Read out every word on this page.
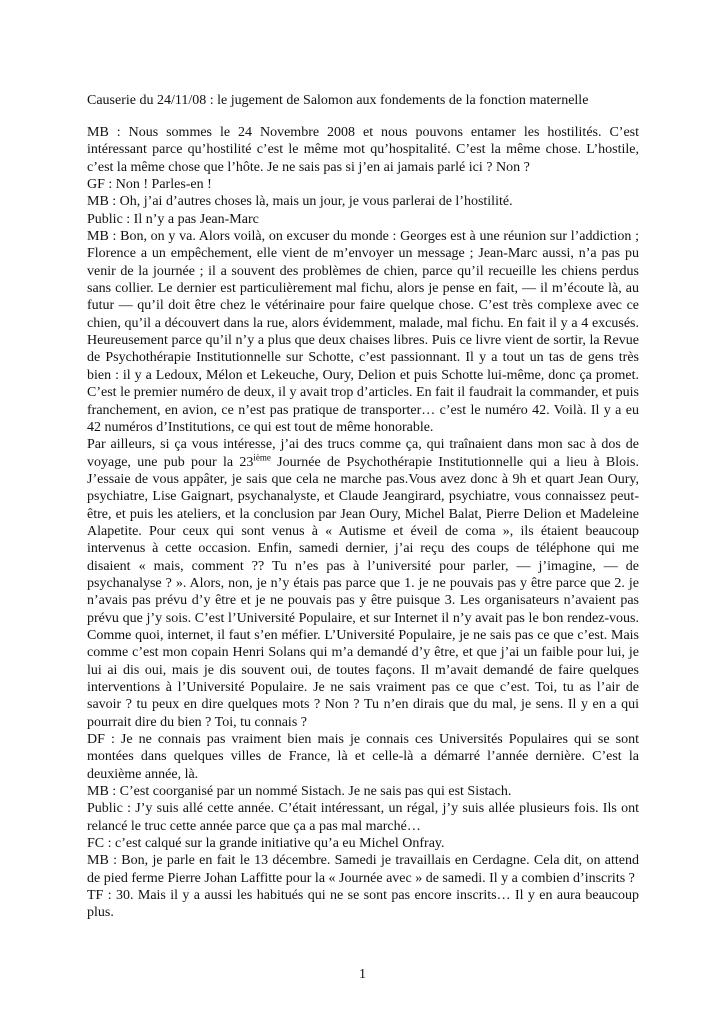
Causerie du 24/11/08 : le jugement de Salomon aux fondements de la fonction maternelle

MB : Nous sommes le 24 Novembre 2008 et nous pouvons entamer les hostilités. C’est intéressant parce qu’hostilité c’est le même mot qu’hospitalité. C’est la même chose. L’hostile, c’est la même chose que l’hôte. Je ne sais pas si j’en ai jamais parlé ici ? Non ?

GF : Non ! Parles-en !

MB : Oh, j’ai d’autres choses là, mais un jour, je vous parlerai de l’hostilité.

Public : Il n’y a pas Jean-Marc

MB : Bon, on y va. Alors voilà, on excuser du monde : Georges est à une réunion sur l’addiction ; Florence a un empêchement, elle vient de m’envoyer un message ; Jean-Marc aussi, n’a pas pu venir de la journée ; il a souvent des problèmes de chien, parce qu’il recueille les chiens perdus sans collier. Le dernier est particulièrement mal fichu, alors je pense en fait, — il m’écoute là, au futur — qu’il doit être chez le vétérinaire pour faire quelque chose. C’est très complexe avec ce chien, qu’il a découvert dans la rue, alors évidemment, malade, mal fichu. En fait il y a 4 excusés. Heureusement parce qu’il n’y a plus que deux chaises libres. Puis ce livre vient de sortir, la Revue de Psychothérapie Institutionnelle sur Schotte, c’est passionnant. Il y a tout un tas de gens très bien : il y a Ledoux, Mélon et Lekeuche, Oury, Delion et puis Schotte lui-même, donc ça promet. C’est le premier numéro de deux, il y avait trop d’articles. En fait il faudrait la commander, et puis franchement, en avion, ce n’est pas pratique de transporter… c’est le numéro 42. Voilà. Il y a eu 42 numéros d’Institutions, ce qui est tout de même honorable.

Par ailleurs, si ça vous intéresse, j’ai des trucs comme ça, qui traînaient dans mon sac à dos de voyage, une pub pour la 23ième Journée de Psychothérapie Institutionnelle qui a lieu à Blois. J’essaie de vous appâter, je sais que cela ne marche pas.Vous avez donc à 9h et quart Jean Oury, psychiatre, Lise Gaignart, psychanalyste, et Claude Jeangirard, psychiatre, vous connaissez peut-être, et puis les ateliers, et la conclusion par Jean Oury, Michel Balat, Pierre Delion et Madeleine Alapetite. Pour ceux qui sont venus à « Autisme et éveil de coma », ils étaient beaucoup intervenus à cette occasion. Enfin, samedi dernier, j’ai reçu des coups de téléphone qui me disaient « mais, comment ?? Tu n’es pas à l’université pour parler, — j’imagine, — de psychanalyse ? ». Alors, non, je n’y étais pas parce que 1. je ne pouvais pas y être parce que 2. je n’avais pas prévu d’y être et je ne pouvais pas y être puisque 3. Les organisateurs n’avaient pas prévu que j’y sois. C’est l’Université Populaire, et sur Internet il n’y avait pas le bon rendez-vous. Comme quoi, internet, il faut s’en méfier. L’Université Populaire, je ne sais pas ce que c’est. Mais comme c’est mon copain Henri Solans qui m’a demandé d’y être, et que j’ai un faible pour lui, je lui ai dis oui, mais je dis souvent oui, de toutes façons. Il m’avait demandé de faire quelques interventions à l’Université Populaire. Je ne sais vraiment pas ce que c’est. Toi, tu as l’air de savoir ? tu peux en dire quelques mots ? Non ? Tu n’en dirais que du mal, je sens. Il y en a qui pourrait dire du bien ? Toi, tu connais ?

DF : Je ne connais pas vraiment bien mais je connais ces Universités Populaires qui se sont montées dans quelques villes de France, là et celle-là a démarré l’année dernière. C’est la deuxième année, là.

MB : C’est coorganisé par un nommé Sistach. Je ne sais pas qui est Sistach.

Public : J’y suis allé cette année. C’était intéressant, un régal, j’y suis allée plusieurs fois. Ils ont relancé le truc cette année parce que ça a pas mal marché…

FC : c’est calqué sur la grande initiative qu’a eu Michel Onfray.

MB : Bon, je parle en fait le 13 décembre. Samedi je travaillais en Cerdagne. Cela dit, on attend de pied ferme Pierre Johan Laffitte pour la « Journée avec » de samedi. Il y a combien d’inscrits ?

TF : 30. Mais il y a aussi les habitués qui ne se sont pas encore inscrits… Il y en aura beaucoup plus.

1
